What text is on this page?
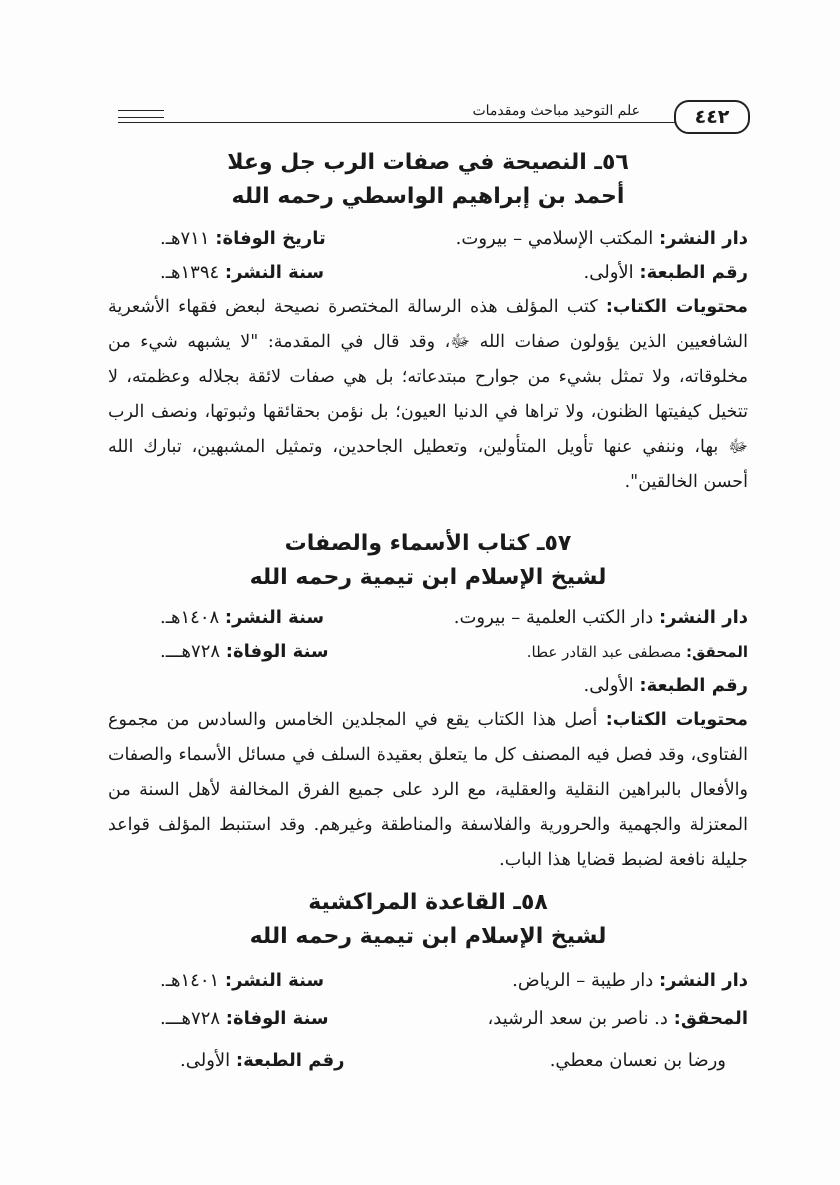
علم التوحيد مباحث ومقدمات	٤٤٢

٥٦ـ النصيحة في صفات الرب جل وعلا

أحمد بن إبراهيم الواسطي رحمه الله

دار النشر: المكتب الإسلامي – بيروت.
تاريخ الوفاة: ٧١١هـ.
رقم الطبعة: الأولى.
سنة النشر: ١٣٩٤هـ.

محتويات الكتاب: كتب المؤلف هذه الرسالة المختصرة نصيحة لبعض فقهاء الأشعرية الشافعيين الذين يؤولون صفات الله ﷻ، وقد قال في المقدمة: "لا يشبهه شيء من مخلوقاته، ولا تمثل بشيء من جوارح مبتدعاته؛ بل هي صفات لائقة بجلاله وعظمته، لا تتخيل كيفيتها الظنون، ولا تراها في الدنيا العيون؛ بل نؤمن بحقائقها وثبوتها، ونصف الرب ﷻ بها، وننفي عنها تأويل المتأولين، وتعطيل الجاحدين، وتمثيل المشبهين، تبارك الله أحسن الخالقين".

٥٧ـ كتاب الأسماء والصفات

لشيخ الإسلام ابن تيمية رحمه الله

دار النشر: دار الكتب العلمية – بيروت.
سنة النشر: ١٤٠٨هـ.
المحقق: مصطفى عبد القادر عطا.
سنة الوفاة: ٧٢٨هـــ.
رقم الطبعة: الأولى.

محتويات الكتاب: أصل هذا الكتاب يقع في المجلدين الخامس والسادس من مجموع الفتاوى، وقد فصل فيه المصنف كل ما يتعلق بعقيدة السلف في مسائل الأسماء والصفات والأفعال بالبراهين النقلية والعقلية، مع الرد على جميع الفرق المخالفة لأهل السنة من المعتزلة والجهمية والحرورية والفلاسفة والمناطقة وغيرهم. وقد استنبط المؤلف قواعد جليلة نافعة لضبط قضايا هذا الباب.

٥٨ـ القاعدة المراكشية

لشيخ الإسلام ابن تيمية رحمه الله

دار النشر: دار طيبة – الرياض.
سنة النشر: ١٤٠١هـ.
المحقق: د. ناصر بن سعد الرشيد،
سنة الوفاة: ٧٢٨هـــ.
ورضا بن نعسان معطي.
رقم الطبعة: الأولى.
